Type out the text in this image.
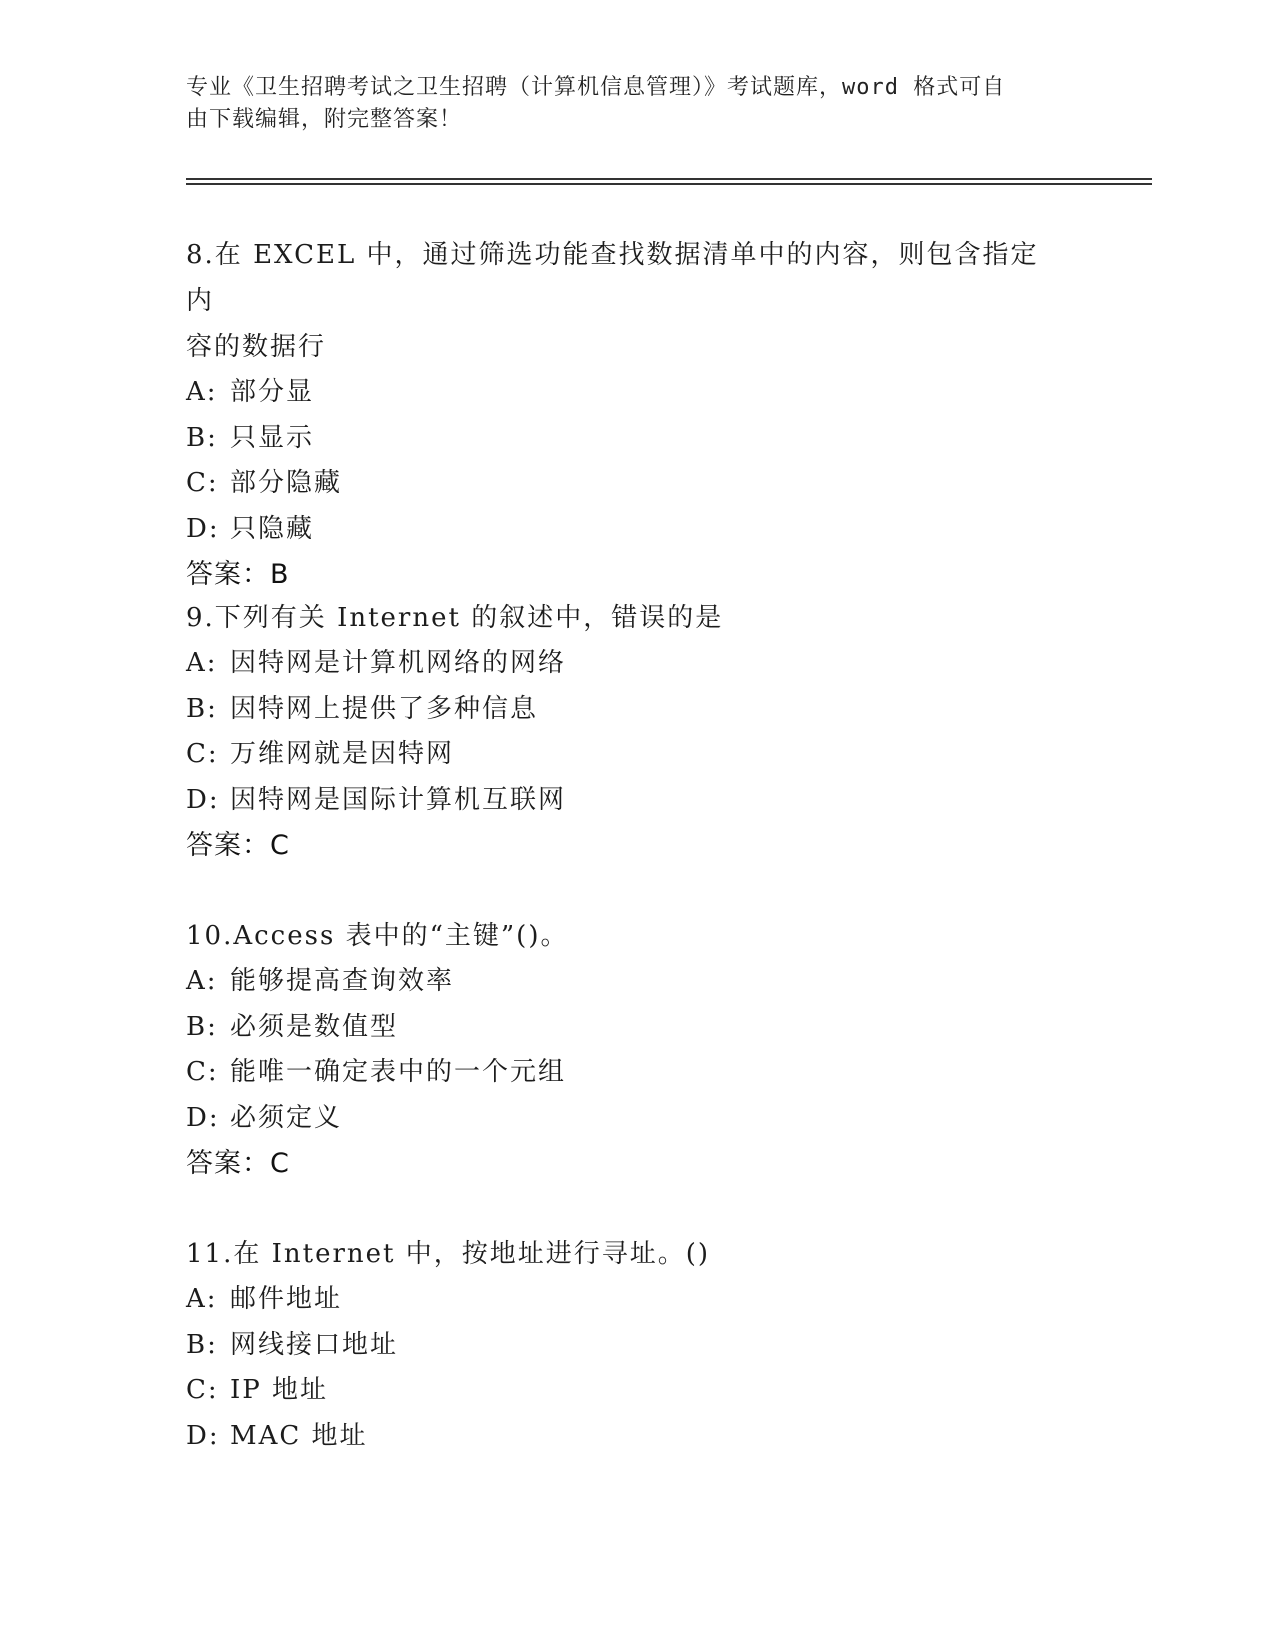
专业《卫生招聘考试之卫生招聘（计算机信息管理）》考试题库，word 格式可自
由下载编辑，附完整答案！

8.在 EXCEL 中，通过筛选功能查找数据清单中的内容，则包含指定内

容的数据行

A: 部分显

B: 只显示

C: 部分隐藏

D: 只隐藏

答案：B

9.下列有关 Internet 的叙述中，错误的是

A: 因特网是计算机网络的网络

B: 因特网上提供了多种信息

C: 万维网就是因特网

D: 因特网是国际计算机互联网

答案：C

10.Access 表中的“主键”()。

A: 能够提高查询效率

B: 必须是数值型

C: 能唯一确定表中的一个元组

D: 必须定义

答案：C

11.在 Internet 中，按地址进行寻址。()

A: 邮件地址

B: 网线接口地址

C: IP 地址

D: MAC 地址
